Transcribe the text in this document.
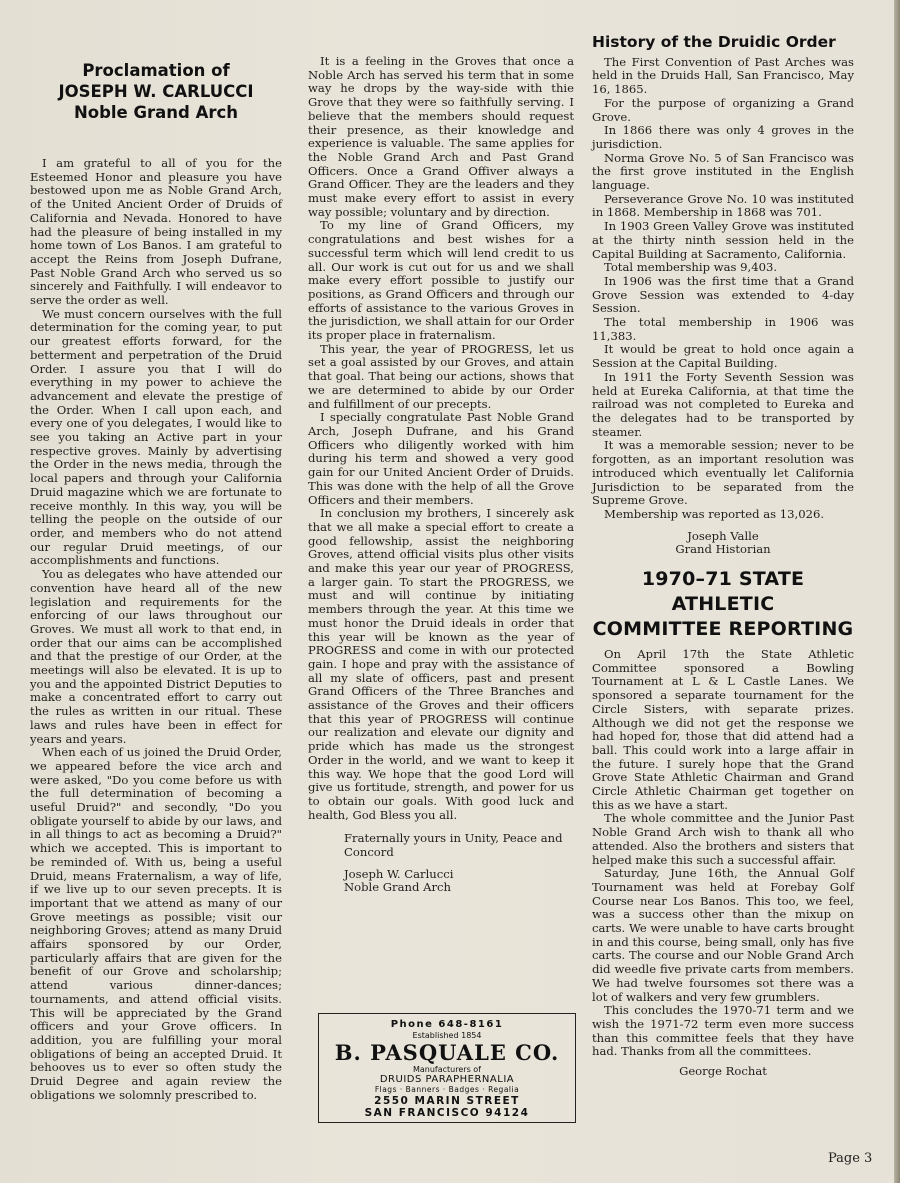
Proclamation of
JOSEPH W. CARLUCCI
Noble Grand Arch

I am grateful to all of you for the Esteemed Honor and pleasure you have bestowed upon me as Noble Grand Arch, of the United Ancient Order of Druids of California and Nevada. Honored to have had the pleasure of being installed in my home town of Los Banos. I am grateful to accept the Reins from Joseph Dufrane, Past Noble Grand Arch who served us so sincerely and Faithfully. I will endeavor to serve the order as well.

We must concern ourselves with the full determination for the coming year, to put our greatest efforts forward, for the betterment and perpetration of the Druid Order. I assure you that I will do everything in my power to achieve the advancement and elevate the prestige of the Order. When I call upon each, and every one of you delegates, I would like to see you taking an Active part in your respective groves. Mainly by advertising the Order in the news media, through the local papers and through your California Druid magazine which we are fortunate to receive monthly. In this way, you will be telling the people on the outside of our order, and members who do not attend our regular Druid meetings, of our accomplishments and functions.

You as delegates who have attended our convention have heard all of the new legislation and requirements for the enforcing of our laws throughout our Groves. We must all work to that end, in order that our aims can be accomplished and that the prestige of our Order, at the meetings will also be elevated. It is up to you and the appointed District Deputies to make a concentrated effort to carry out the rules as written in our ritual. These laws and rules have been in effect for years and years.

When each of us joined the Druid Order, we appeared before the vice arch and were asked, "Do you come before us with the full determination of becoming a useful Druid?" and secondly, "Do you obligate yourself to abide by our laws, and in all things to act as becoming a Druid?" which we accepted. This is important to be reminded of. With us, being a useful Druid, means Fraternalism, a way of life, if we live up to our seven precepts. It is important that we attend as many of our Grove meetings as possible; visit our neighboring Groves; attend as many Druid affairs sponsored by our Order, particularly affairs that are given for the benefit of our Grove and scholarship; attend various dinner-dances; tournaments, and attend official visits. This will be appreciated by the Grand officers and your Grove officers. In addition, you are fulfilling your moral obligations of being an accepted Druid. It behooves us to ever so often study the Druid Degree and again review the obligations we solomnly prescribed to.

It is a feeling in the Groves that once a Noble Arch has served his term that in some way he drops by the way-side with thie Grove that they were so faithfully serving. I believe that the members should request their presence, as their knowledge and experience is valuable. The same applies for the Noble Grand Arch and Past Grand Officers. Once a Grand Offiver always a Grand Officer. They are the leaders and they must make every effort to assist in every way possible; voluntary and by direction.

To my line of Grand Officers, my congratulations and best wishes for a successful term which will lend credit to us all. Our work is cut out for us and we shall make every effort possible to justify our positions, as Grand Officers and through our efforts of assistance to the various Groves in the jurisdiction, we shall attain for our Order its proper place in fraternalism.

This year, the year of PROGRESS, let us set a goal assisted by our Groves, and attain that goal. That being our actions, shows that we are determined to abide by our Order and fulfillment of our precepts.

I specially congratulate Past Noble Grand Arch, Joseph Dufrane, and his Grand Officers who diligently worked with him during his term and showed a very good gain for our United Ancient Order of Druids. This was done with the help of all the Grove Officers and their members.

In conclusion my brothers, I sincerely ask that we all make a special effort to create a good fellowship, assist the neighboring Groves, attend official visits plus other visits and make this year our year of PROGRESS, a larger gain. To start the PROGRESS, we must and will continue by initiating members through the year. At this time we must honor the Druid ideals in order that this year will be known as the year of PROGRESS and come in with our protected gain. I hope and pray with the assistance of all my slate of officers, past and present Grand Officers of the Three Branches and assistance of the Groves and their officers that this year of PROGRESS will continue our realization and elevate our dignity and pride which has made us the strongest Order in the world, and we want to keep it this way. We hope that the good Lord will give us fortitude, strength, and power for us to obtain our goals. With good luck and health, God Bless you all.

Fraternally yours in Unity, Peace and Concord

Joseph W. Carlucci

Noble Grand Arch

Phone 648-8161
Established 1854
B. PASQUALE CO.
Manufacturers of
DRUIDS PARAPHERNALIA
Flags · Banners · Badges · Regalia
2550 MARIN STREET
SAN FRANCISCO 94124
History of the Druidic Order

The First Convention of Past Arches was held in the Druids Hall, San Francisco, May 16, 1865.

For the purpose of organizing a Grand Grove.

In 1866 there was only 4 groves in the jurisdiction.

Norma Grove No. 5 of San Francisco was the first grove instituted in the English language.

Perseverance Grove No. 10 was instituted in 1868. Membership in 1868 was 701.

In 1903 Green Valley Grove was instituted at the thirty ninth session held in the Capital Building at Sacramento, California.

Total membership was 9,403.

In 1906 was the first time that a Grand Grove Session was extended to 4-day Session.

The total membership in 1906 was 11,383.

It would be great to hold once again a Session at the Capital Building.

In 1911 the Forty Seventh Session was held at Eureka California, at that time the railroad was not completed to Eureka and the delegates had to be transported by steamer.

It was a memorable session; never to be forgotten, as an important resolution was introduced which eventually let California Jurisdiction to be separated from the Supreme Grove.

Membership was reported as 13,026.

Joseph Valle

Grand Historian

1970–71 STATE ATHLETIC
COMMITTEE REPORTING

On April 17th the State Athletic Committee sponsored a Bowling Tournament at L & L Castle Lanes. We sponsored a separate tournament for the Circle Sisters, with separate prizes. Although we did not get the response we had hoped for, those that did attend had a ball. This could work into a large affair in the future. I surely hope that the Grand Grove State Athletic Chairman and Grand Circle Athletic Chairman get together on this as we have a start.

The whole committee and the Junior Past Noble Grand Arch wish to thank all who attended. Also the brothers and sisters that helped make this such a successful affair.

Saturday, June 16th, the Annual Golf Tournament was held at Forebay Golf Course near Los Banos. This too, we feel, was a success other than the mixup on carts. We were unable to have carts brought in and this course, being small, only has five carts. The course and our Noble Grand Arch did weedle five private carts from members. We had twelve foursomes sot there was a lot of walkers and very few grumblers.

This concludes the 1970-71 term and we wish the 1971-72 term even more success than this committee feels that they have had. Thanks from all the committees.

George Rochat

Page 3
